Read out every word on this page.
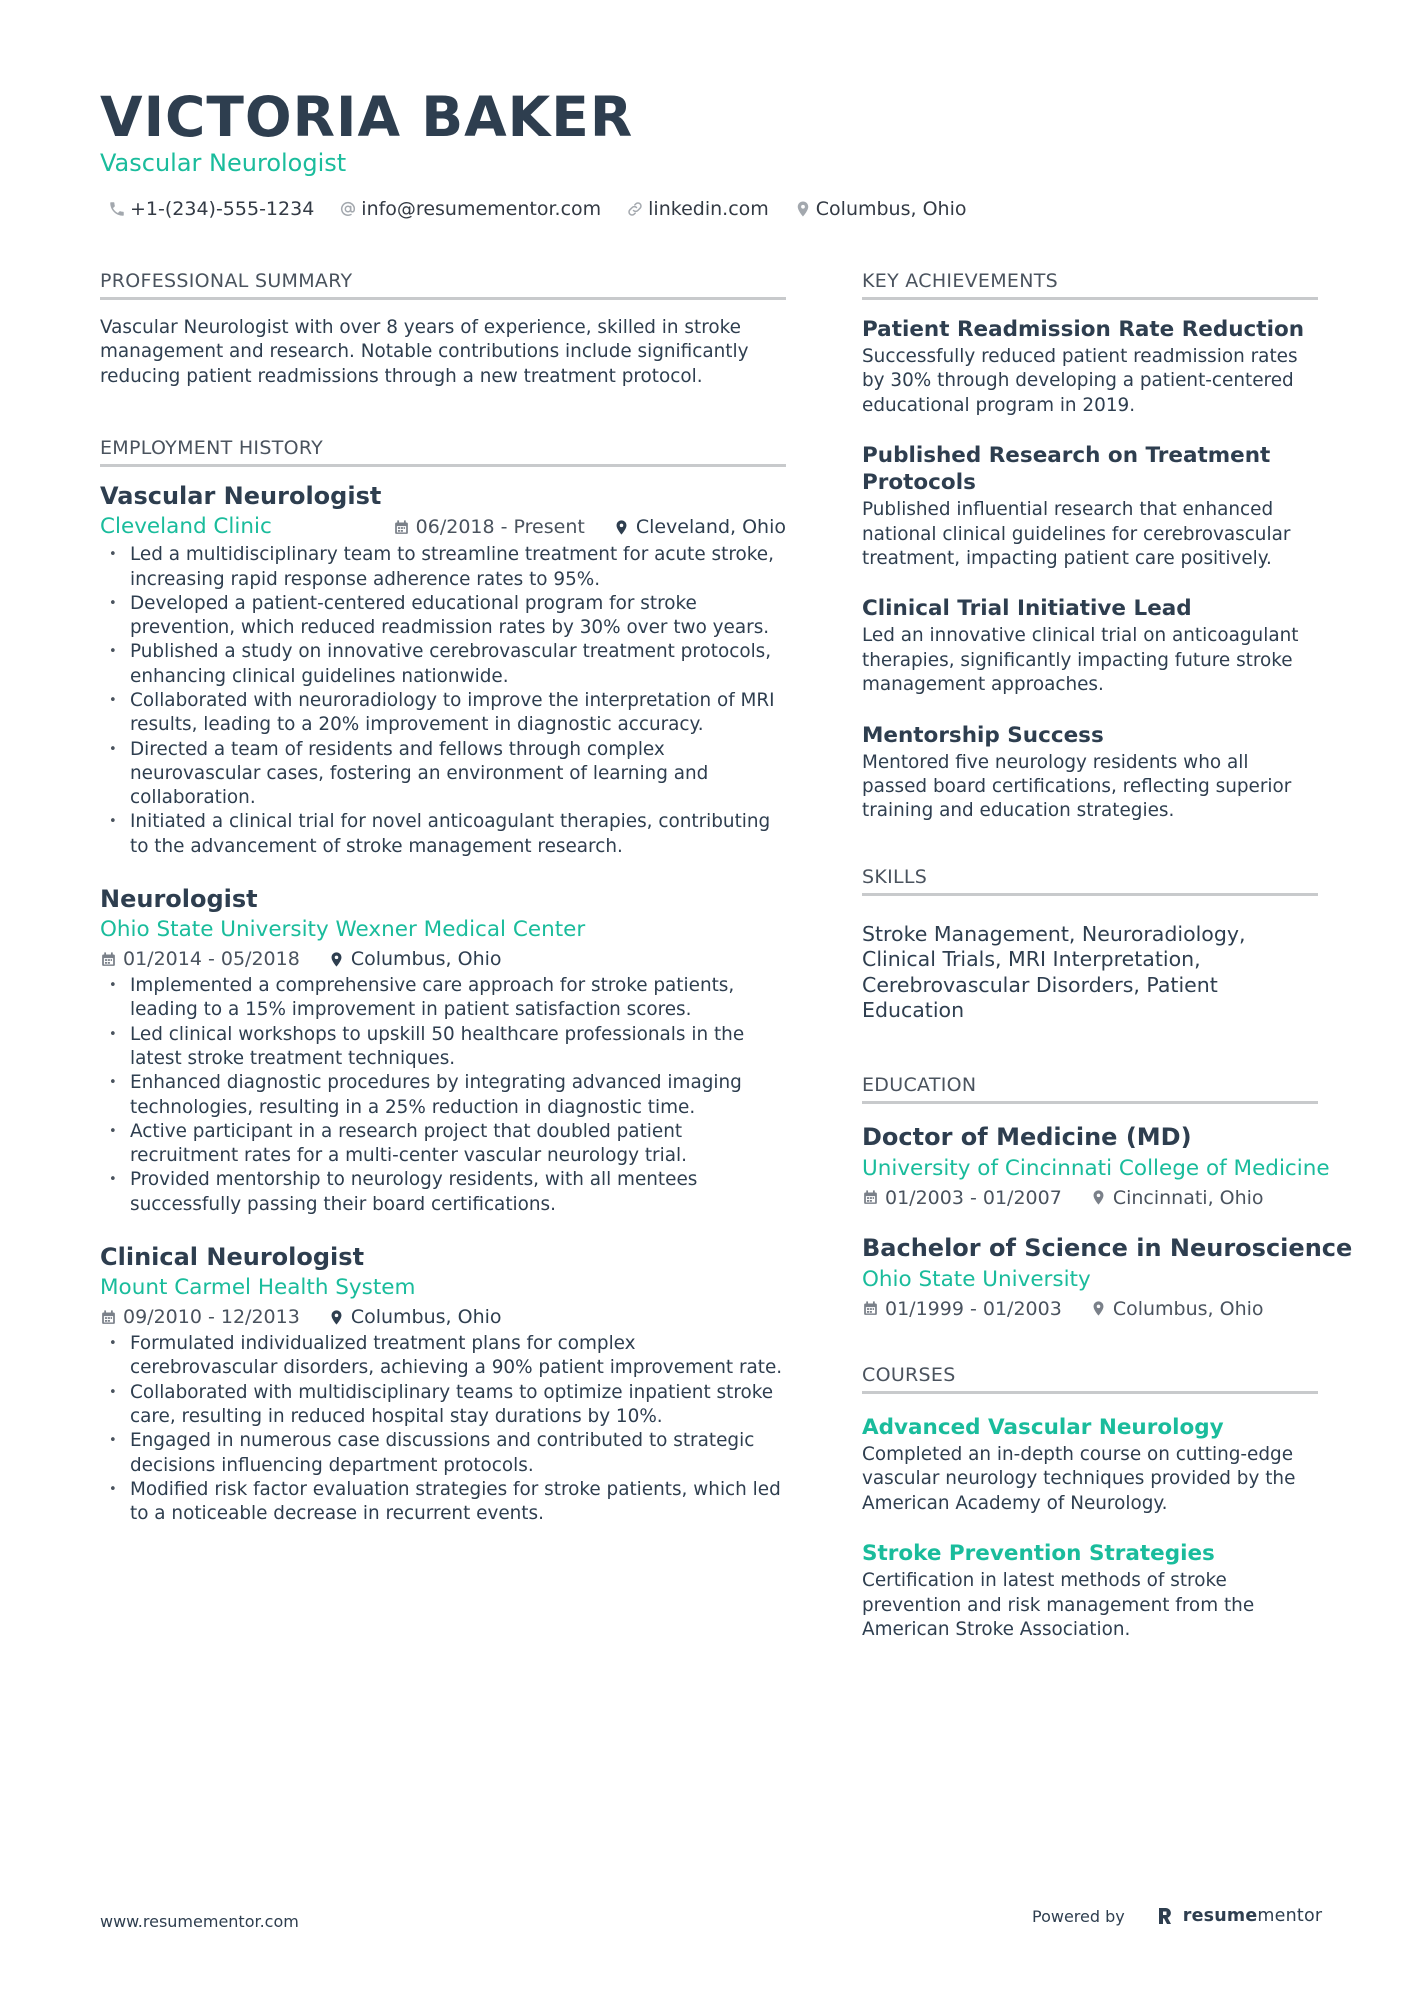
VICTORIA BAKER
Vascular Neurologist
+1-(234)-555-1234 info@resumementor.com linkedin.com Columbus, Ohio
PROFESSIONAL SUMMARY

Vascular Neurologist with over 8 years of experience, skilled in stroke management and research. Notable contributions include significantly reducing patient readmissions through a new treatment protocol.

EMPLOYMENT HISTORY
Vascular Neurologist
Cleveland Clinic	06/2018 - Present	Cleveland, Ohio
• Led a multidisciplinary team to streamline treatment for acute stroke, increasing rapid response adherence rates to 95%.
• Developed a patient-centered educational program for stroke prevention, which reduced readmission rates by 30% over two years.
• Published a study on innovative cerebrovascular treatment protocols, enhancing clinical guidelines nationwide.
• Collaborated with neuroradiology to improve the interpretation of MRI results, leading to a 20% improvement in diagnostic accuracy.
• Directed a team of residents and fellows through complex neurovascular cases, fostering an environment of learning and collaboration.
• Initiated a clinical trial for novel anticoagulant therapies, contributing to the advancement of stroke management research.
Neurologist
Ohio State University Wexner Medical Center
01/2014 - 05/2018	Columbus, Ohio
• Implemented a comprehensive care approach for stroke patients, leading to a 15% improvement in patient satisfaction scores.
• Led clinical workshops to upskill 50 healthcare professionals in the latest stroke treatment techniques.
• Enhanced diagnostic procedures by integrating advanced imaging technologies, resulting in a 25% reduction in diagnostic time.
• Active participant in a research project that doubled patient recruitment rates for a multi-center vascular neurology trial.
• Provided mentorship to neurology residents, with all mentees successfully passing their board certifications.
Clinical Neurologist
Mount Carmel Health System
09/2010 - 12/2013	Columbus, Ohio
• Formulated individualized treatment plans for complex cerebrovascular disorders, achieving a 90% patient improvement rate.
• Collaborated with multidisciplinary teams to optimize inpatient stroke care, resulting in reduced hospital stay durations by 10%.
• Engaged in numerous case discussions and contributed to strategic decisions influencing department protocols.
• Modified risk factor evaluation strategies for stroke patients, which led to a noticeable decrease in recurrent events.
KEY ACHIEVEMENTS
Patient Readmission Rate Reduction

Successfully reduced patient readmission rates by 30% through developing a patient-centered educational program in 2019.

Published Research on Treatment Protocols

Published influential research that enhanced national clinical guidelines for cerebrovascular treatment, impacting patient care positively.

Clinical Trial Initiative Lead

Led an innovative clinical trial on anticoagulant therapies, significantly impacting future stroke management approaches.

Mentorship Success

Mentored five neurology residents who all passed board certifications, reflecting superior training and education strategies.

SKILLS

Stroke Management, Neuroradiology, Clinical Trials, MRI Interpretation, Cerebrovascular Disorders, Patient Education

EDUCATION
Doctor of Medicine (MD)
University of Cincinnati College of Medicine
01/2003 - 01/2007	Cincinnati, Ohio
Bachelor of Science in Neuroscience
Ohio State University
01/1999 - 01/2003	Columbus, Ohio
COURSES
Advanced Vascular Neurology

Completed an in-depth course on cutting-edge vascular neurology techniques provided by the American Academy of Neurology.

Stroke Prevention Strategies

Certification in latest methods of stroke prevention and risk management from the American Stroke Association.

www.resumementor.com	Powered by	resumementor
